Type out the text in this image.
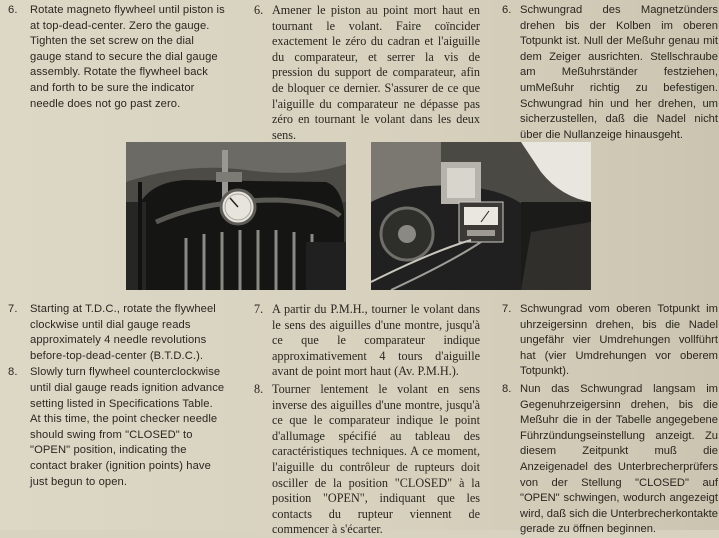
6.	Rotate magneto flywheel until piston is at top-dead-center. Zero the gauge. Tighten the set screw on the dial gauge stand to secure the dial gauge assembly. Rotate the flywheel back and forth to be sure the indicator needle does not go past zero.
6. Amener le piston au point mort haut en tournant le volant. Faire coïncider exactement le zéro du cadran et l'aiguille du comparateur, et serrer la vis de pression du support de comparateur, afin de bloquer ce dernier. S'assurer de ce que l'aiguille du comparateur ne dépasse pas zéro en tournant le volant dans les deux sens.
6. Schwungrad des Magnetzünders drehen bis der Kolben im oberen Totpunkt ist. Null der Meßuhr genau mit dem Zeiger ausrichten. Stellschraube am Meßuhrständer festziehen, umMeßuhr richtig zu befestigen. Schwungrad hin und her drehen, um sicherzustellen, daß die Nadel nicht über die Nullanzeige hinausgeht.
7.	Starting at T.D.C., rotate the flywheel clockwise until dial gauge reads approximately 4 needle revolutions before-top-dead-center (B.T.D.C.).
8.	Slowly turn flywheel counterclockwise until dial gauge reads ignition advance setting listed in Specifications Table. At this time, the point checker needle should swing from "CLOSED" to "OPEN" position, indicating the contact braker (ignition points) have just begun to open.
7. A partir du P.M.H., tourner le volant dans le sens des aiguilles d'une montre, jusqu'à ce que le comparateur indique approximativement 4 tours d'aiguille avant de point mort haut (Av. P.M.H.).
8. Tourner lentement le volant en sens inverse des aiguilles d'une montre, jusqu'à ce que le comparateur indique le point d'allumage spécifié au tableau des caractéristiques techniques. A ce moment, l'aiguille du contrôleur de rupteurs doit osciller de la position "CLOSED" à la position "OPEN", indiquant que les contacts du rupteur viennent de commencer à s'écarter.
7. Schwungrad vom oberen Totpunkt im uhrzeigersinn drehen, bis die Nadel ungefähr vier Umdrehungen vollführt hat (vier Umdrehungen vor oberem Totpunkt).
8. Nun das Schwungrad langsam im Gegenuhrzeigersinn drehen, bis die Meßuhr die in der Tabelle angegebene Führzündungseinstellung anzeigt. Zu diesem Zeitpunkt muß die Anzeigenadel des Unterbrecherprüfers von der Stellung "CLOSED" auf "OPEN" schwingen, wodurch angezeigt wird, daß sich die Unterbrecherkontakte gerade zu öffnen beginnen.
